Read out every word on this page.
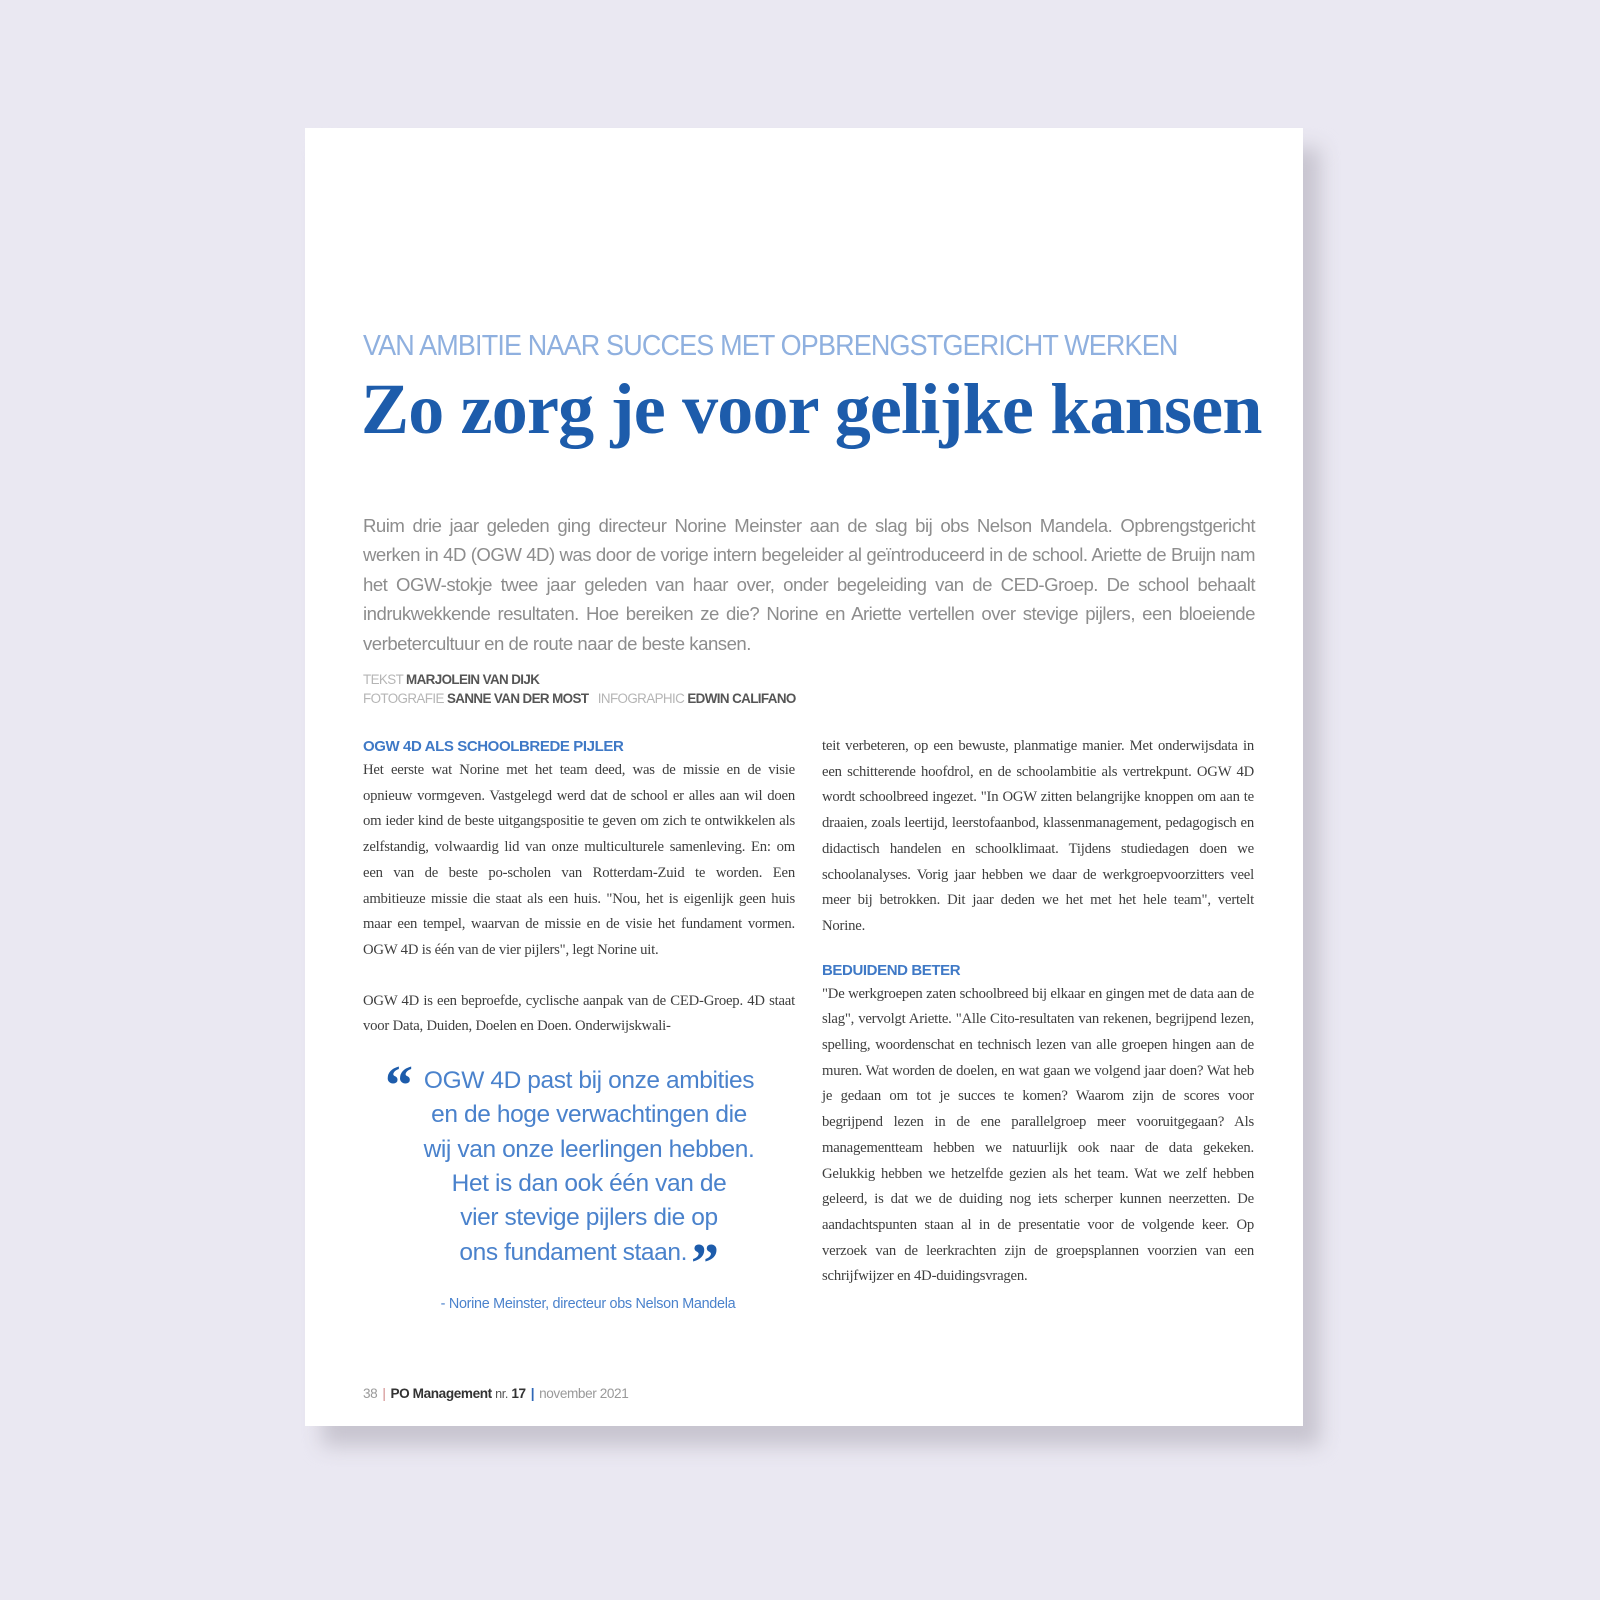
VAN AMBITIE NAAR SUCCES MET OPBRENGSTGERICHT WERKEN
Zo zorg je voor gelijke kansen

Ruim drie jaar geleden ging directeur Norine Meinster aan de slag bij obs Nelson Mandela. Opbrengstgericht werken in 4D (OGW 4D) was door de vorige intern begeleider al geïntroduceerd in de school. Ariette de Bruijn nam het OGW-stokje twee jaar geleden van haar over, onder begeleiding van de CED-Groep. De school behaalt indrukwekkende resultaten. Hoe bereiken ze die? Norine en Ariette vertellen over stevige pijlers, een bloeiende verbetercultuur en de route naar de beste kansen.

TEKST MARJOLEIN VAN DIJK
FOTOGRAFIE SANNE VAN DER MOST INFOGRAPHIC EDWIN CALIFANO
OGW 4D ALS SCHOOLBREDE PIJLER

Het eerste wat Norine met het team deed, was de missie en de visie opnieuw vormgeven. Vastgelegd werd dat de school er alles aan wil doen om ieder kind de beste uitgangspositie te geven om zich te ontwikkelen als zelfstandig, volwaardig lid van onze multiculturele samenleving. En: om een van de beste po-scholen van Rotterdam-Zuid te worden. Een ambitieuze missie die staat als een huis. "Nou, het is eigenlijk geen huis maar een tempel, waarvan de missie en de visie het fundament vormen. OGW 4D is één van de vier pijlers", legt Norine uit.

OGW 4D is een beproefde, cyclische aanpak van de CED-Groep. 4D staat voor Data, Duiden, Doelen en Doen. Onderwijskwali-

“ OGW 4D past bij onze ambities
en de hoge verwachtingen die
wij van onze leerlingen hebben.
Het is dan ook één van de
vier stevige pijlers die op
ons fundament staan.”
- Norine Meinster, directeur obs Nelson Mandela

teit verbeteren, op een bewuste, planmatige manier. Met onderwijsdata in een schitterende hoofdrol, en de schoolambitie als vertrekpunt. OGW 4D wordt schoolbreed ingezet. "In OGW zitten belangrijke knoppen om aan te draaien, zoals leertijd, leerstofaanbod, klassenmanagement, pedagogisch en didactisch handelen en schoolklimaat. Tijdens studiedagen doen we schoolanalyses. Vorig jaar hebben we daar de werkgroepvoorzitters veel meer bij betrokken. Dit jaar deden we het met het hele team", vertelt Norine.

BEDUIDEND BETER

"De werkgroepen zaten schoolbreed bij elkaar en gingen met de data aan de slag", vervolgt Ariette. "Alle Cito-resultaten van rekenen, begrijpend lezen, spelling, woordenschat en technisch lezen van alle groepen hingen aan de muren. Wat worden de doelen, en wat gaan we volgend jaar doen? Wat heb je gedaan om tot je succes te komen? Waarom zijn de scores voor begrijpend lezen in de ene parallelgroep meer vooruitgegaan? Als managementteam hebben we natuurlijk ook naar de data gekeken. Gelukkig hebben we hetzelfde gezien als het team. Wat we zelf hebben geleerd, is dat we de duiding nog iets scherper kunnen neerzetten. De aandachtspunten staan al in de presentatie voor de volgende keer. Op verzoek van de leerkrachten zijn de groepsplannen voorzien van een schrijfwijzer en 4D-duidingsvragen.

38 | PO Management nr. 17 | november 2021
